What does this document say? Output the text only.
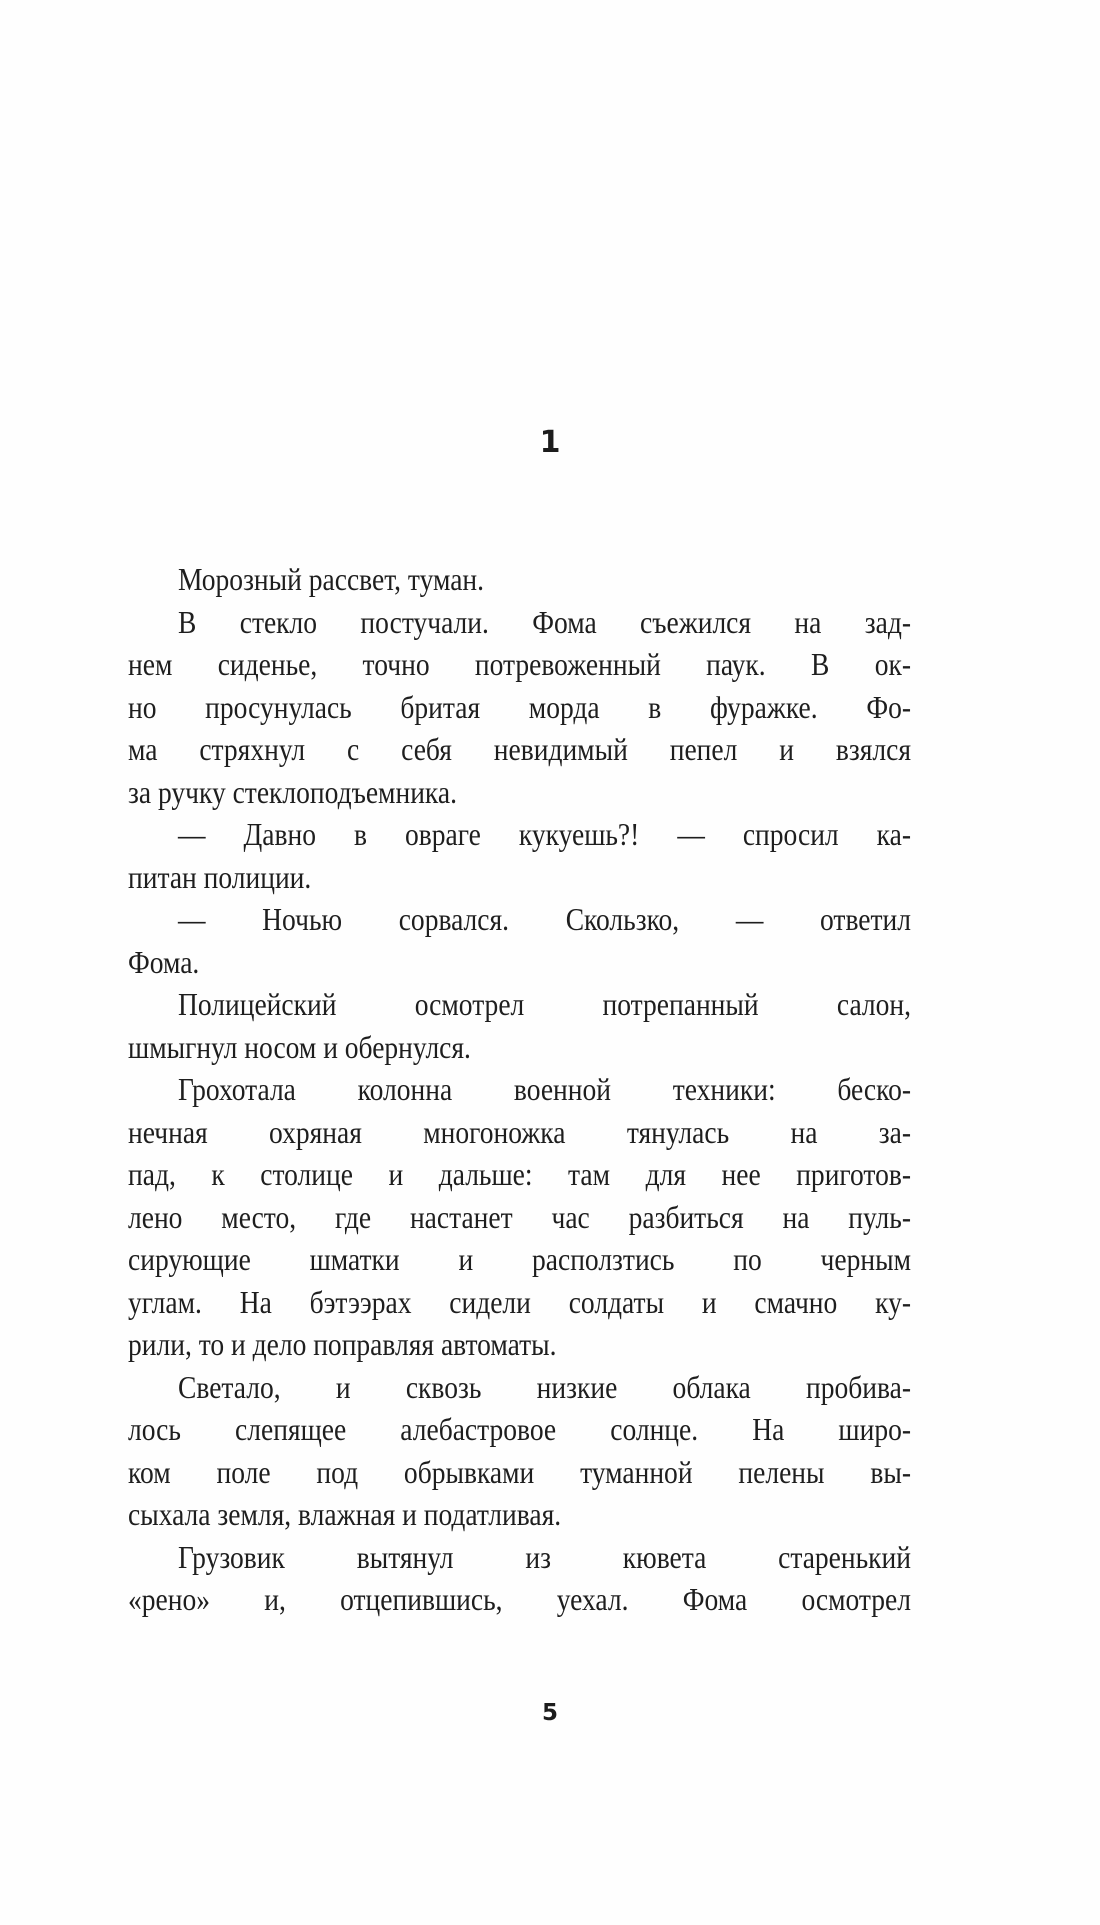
1
Морозный рассвет, туман.
В стекло постучали. Фома съежился на зад-
нем сиденье, точно потревоженный паук. В ок-
но просунулась бритая морда в фуражке. Фо-
ма стряхнул с себя невидимый пепел и взялся
за ручку стеклоподъемника.
— Давно в овраге кукуешь?! — спросил ка-
питан полиции.
— Ночью сорвался. Скользко, — ответил
Фома.
Полицейский осмотрел потрепанный салон,
шмыгнул носом и обернулся.
Грохотала колонна военной техники: беско-
нечная охряная многоножка тянулась на за-
пад, к столице и дальше: там для нее приготов-
лено место, где настанет час разбиться на пуль-
сирующие шматки и расползтись по черным
углам. На бэтээрах сидели солдаты и смачно ку-
рили, то и дело поправляя автоматы.
Светало, и сквозь низкие облака пробива-
лось слепящее алебастровое солнце. На широ-
ком поле под обрывками туманной пелены вы-
сыхала земля, влажная и податливая.
Грузовик вытянул из кювета старенький
«рено» и, отцепившись, уехал. Фома осмотрел
5
